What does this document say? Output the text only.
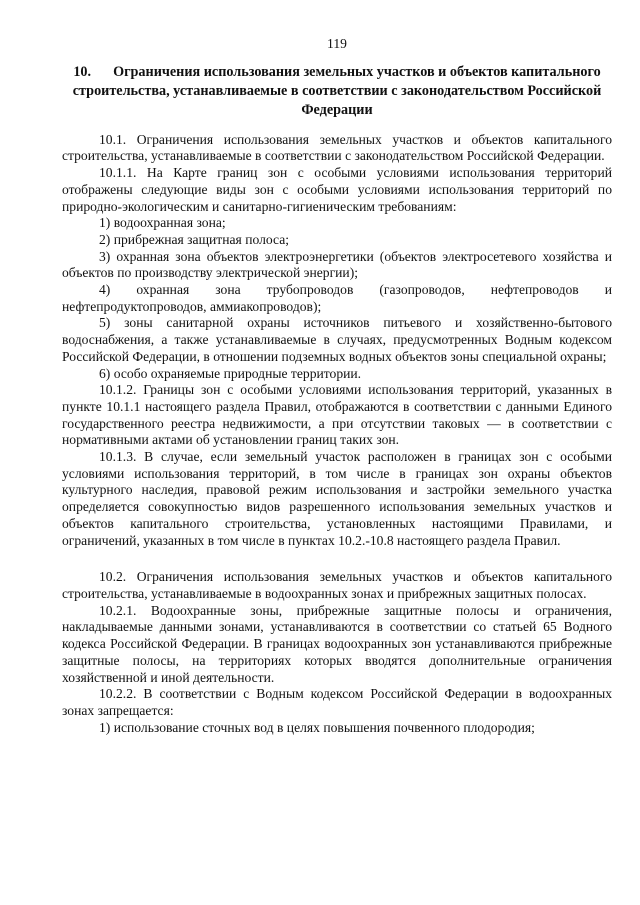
119
10. Ограничения использования земельных участков и объектов капитального строительства, устанавливаемые в соответствии с законодательством Российской Федерации

10.1. Ограничения использования земельных участков и объектов капитального строительства, устанавливаемые в соответствии с законодательством Российской Федерации.

10.1.1. На Карте границ зон с особыми условиями использования территорий отображены следующие виды зон с особыми условиями использования территорий по природно-экологическим и санитарно-гигиеническим требованиям:

1) водоохранная зона;

2) прибрежная защитная полоса;

3) охранная зона объектов электроэнергетики (объектов электросетевого хозяйства и объектов по производству электрической энергии);

4) охранная зона трубопроводов (газопроводов, нефтепроводов и нефтепродуктопроводов, аммиакопроводов);

5) зоны санитарной охраны источников питьевого и хозяйственно-бытового водоснабжения, а также устанавливаемые в случаях, предусмотренных Водным кодексом Российской Федерации, в отношении подземных водных объектов зоны специальной охраны;

6) особо охраняемые природные территории.

10.1.2. Границы зон с особыми условиями использования территорий, указанных в пункте 10.1.1 настоящего раздела Правил, отображаются в соответствии с данными Единого государственного реестра недвижимости, а при отсутствии таковых — в соответствии с нормативными актами об установлении границ таких зон.

10.1.3. В случае, если земельный участок расположен в границах зон с особыми условиями использования территорий, в том числе в границах зон охраны объектов культурного наследия, правовой режим использования и застройки земельного участка определяется совокупностью видов разрешенного использования земельных участков и объектов капитального строительства, установленных настоящими Правилами, и ограничений, указанных в том числе в пунктах 10.2.-10.8 настоящего раздела Правил.

10.2. Ограничения использования земельных участков и объектов капитального строительства, устанавливаемые в водоохранных зонах и прибрежных защитных полосах.

10.2.1. Водоохранные зоны, прибрежные защитные полосы и ограничения, накладываемые данными зонами, устанавливаются в соответствии со статьей 65 Водного кодекса Российской Федерации. В границах водоохранных зон устанавливаются прибрежные защитные полосы, на территориях которых вводятся дополнительные ограничения хозяйственной и иной деятельности.

10.2.2. В соответствии с Водным кодексом Российской Федерации в водоохранных зонах запрещается:

1) использование сточных вод в целях повышения почвенного плодородия;
